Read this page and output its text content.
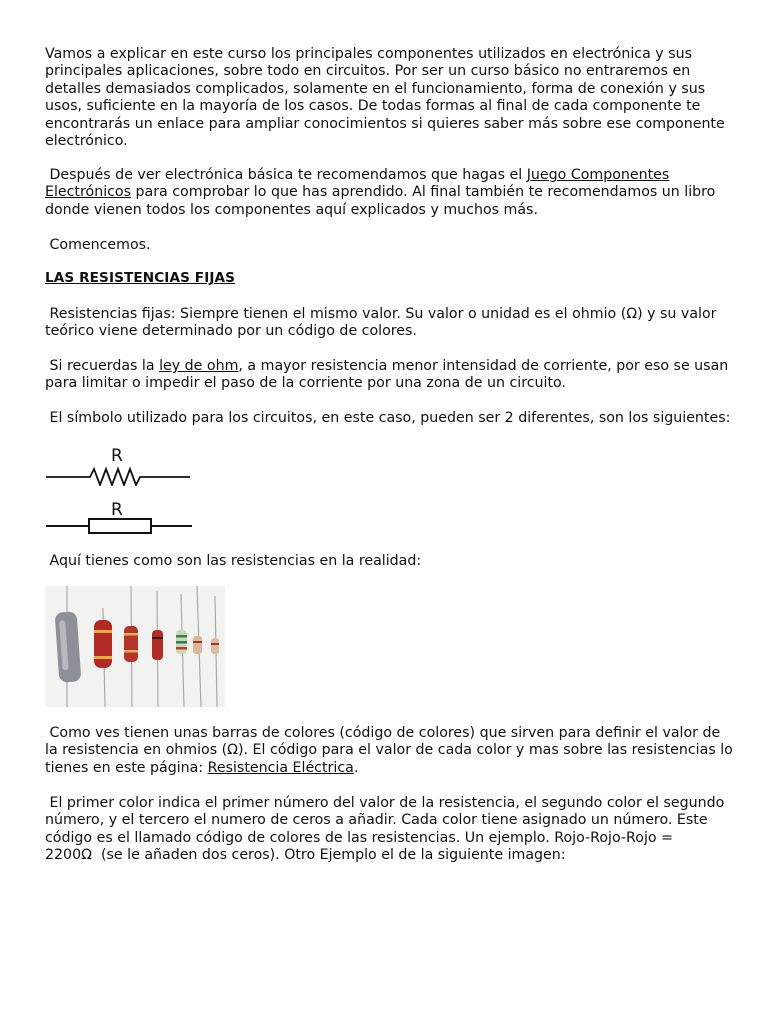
Vamos a explicar en este curso los principales componentes utilizados en electrónica y sus
principales aplicaciones, sobre todo en circuitos. Por ser un curso básico no entraremos en
detalles demasiados complicados, solamente en el funcionamiento, forma de conexión y sus
usos, suficiente en la mayoría de los casos. De todas formas al final de cada componente te
encontrarás un enlace para ampliar conocimientos si quieres saber más sobre ese componente
electrónico.

Después de ver electrónica básica te recomendamos que hagas el Juego Componentes
Electrónicos para comprobar lo que has aprendido. Al final también te recomendamos un libro
donde vienen todos los componentes aquí explicados y muchos más.

Comencemos.

LAS RESISTENCIAS FIJAS

Resistencias fijas: Siempre tienen el mismo valor. Su valor o unidad es el ohmio (Ω) y su valor
teórico viene determinado por un código de colores.

Si recuerdas la ley de ohm, a mayor resistencia menor intensidad de corriente, por eso se usan
para limitar o impedir el paso de la corriente por una zona de un circuito.

El símbolo utilizado para los circuitos, en este caso, pueden ser 2 diferentes, son los siguientes:

R
R

Aquí tienes como son las resistencias en la realidad:

Como ves tienen unas barras de colores (código de colores) que sirven para definir el valor de
la resistencia en ohmios (Ω). El código para el valor de cada color y mas sobre las resistencias lo
tienes en este página: Resistencia Eléctrica.

El primer color indica el primer número del valor de la resistencia, el segundo color el segundo
número, y el tercero el numero de ceros a añadir. Cada color tiene asignado un número. Este
código es el llamado código de colores de las resistencias. Un ejemplo. Rojo-Rojo-Rojo =
2200Ω  (se le añaden dos ceros). Otro Ejemplo el de la siguiente imagen:
